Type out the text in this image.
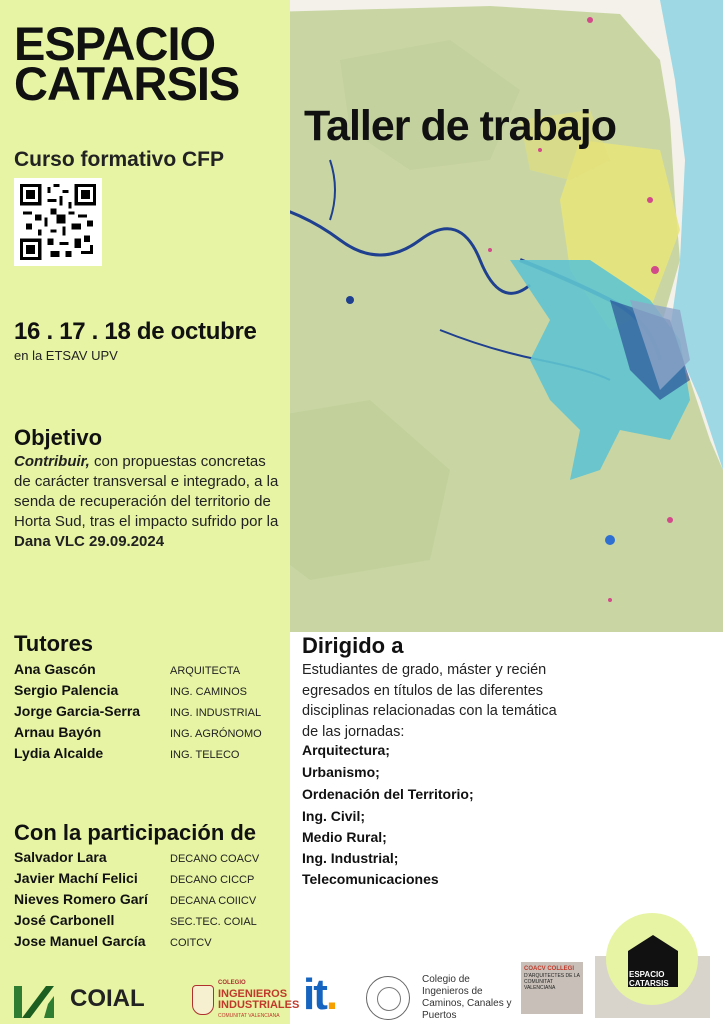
ESPACIO
CATARSIS
Taller de trabajo
Curso formativo CFP
16 . 17 . 18 de octubre
en la ETSAV UPV
Objetivo
Contribuir, con propuestas concretas de carácter transversal e integrado, a la senda de recuperación del territorio de Horta Sud, tras el impacto sufrido por la Dana VLC 29.09.2024
Tutores
Ana Gascón	ARQUITECTA
Sergio Palencia	ING. CAMINOS
Jorge Garcia-Serra	ING. INDUSTRIAL
Arnau Bayón	ING. AGRÓNOMO
Lydia Alcalde	ING. TELECO
Con la participación de
Salvador Lara	DECANO COACV
Javier Machí Felici	DECANO CICCP
Nieves Romero Garí	DECANA COIICV
José Carbonell	SEC.TEC. COIAL
Jose Manuel García	COITCV
Dirigido a
Estudiantes de grado, máster y recién egresados en títulos de las diferentes disciplinas relacionadas con la temática de las jornadas:
Arquitectura;
Urbanismo;
Ordenación del Territorio;
Ing. Civil;
Medio Rural;
Ing. Industrial;
Telecomunicaciones
COIAL
COLEGIO
INGENIEROS INDUSTRIALES
COMUNITAT VALENCIANA it.	Colegio de Ingenieros de Caminos, Canales y Puertos
COACV COLLEGI
D'ARQUITECTES DE LA COMUNITAT VALENCIANA
ESPACIO
CATARSIS
